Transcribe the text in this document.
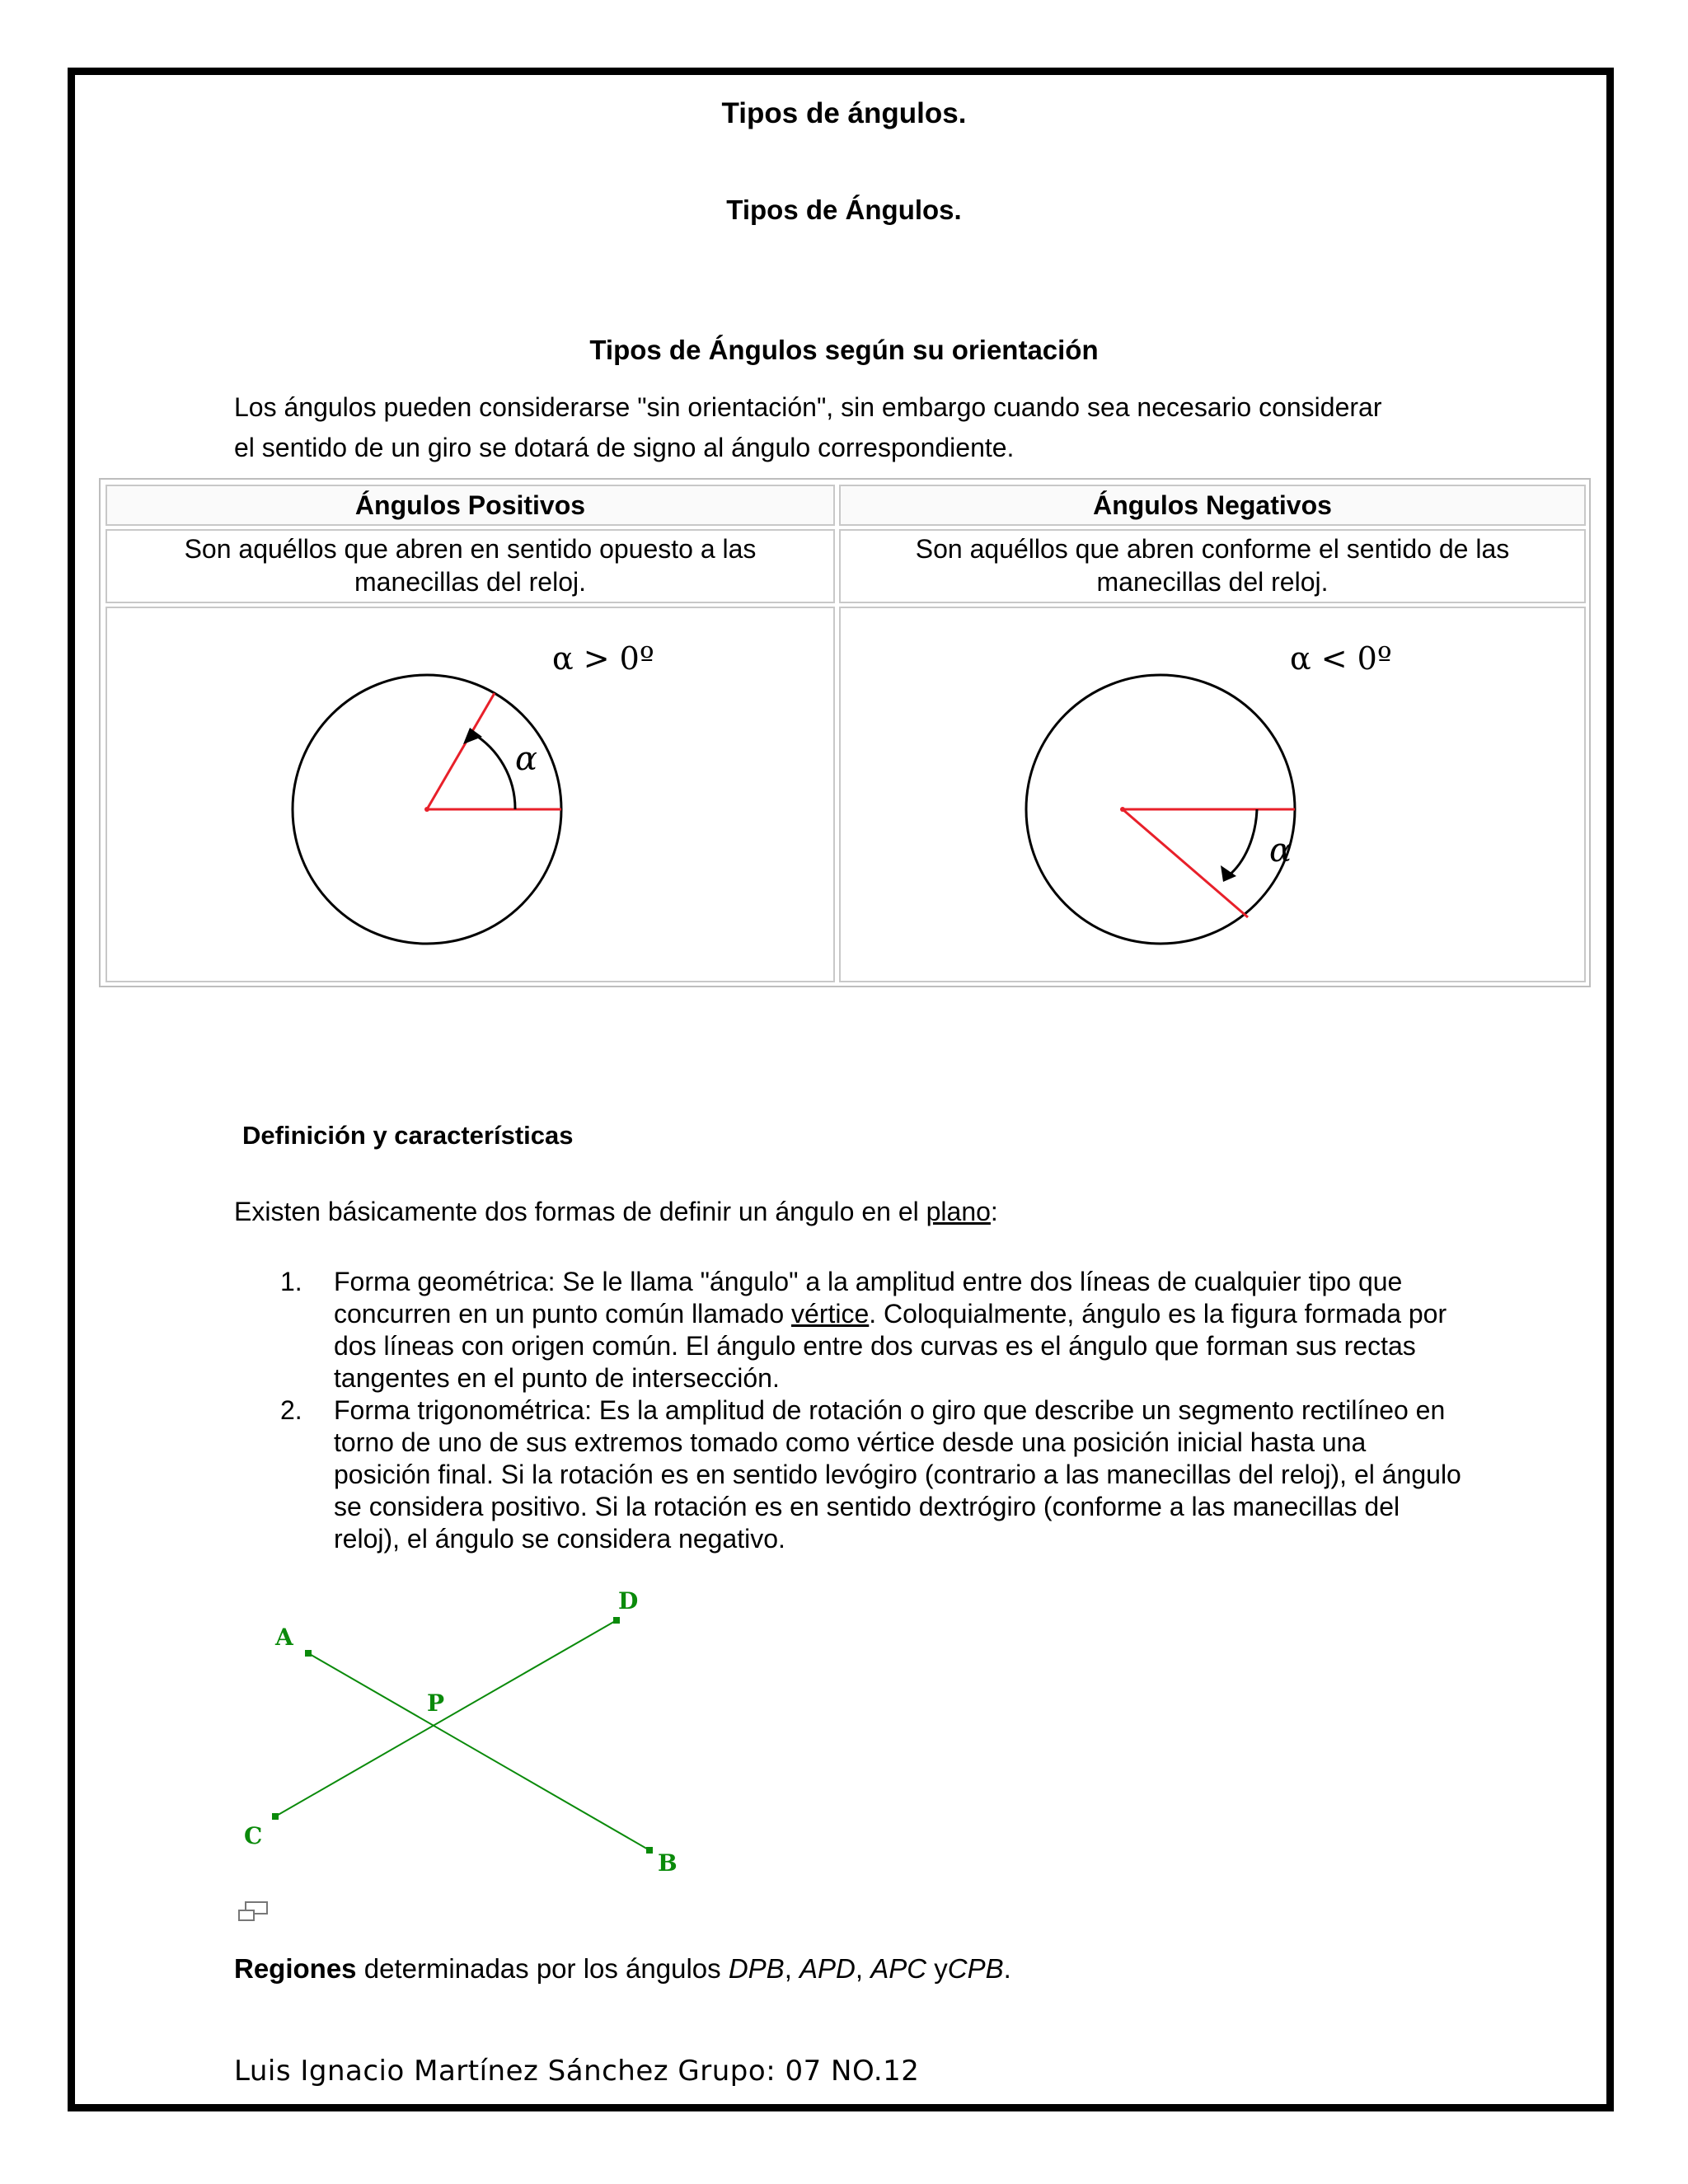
Tipos de ángulos.
Tipos de Ángulos.
Tipos de Ángulos según su orientación
Los ángulos pueden considerarse "sin orientación", sin embargo cuando sea necesario considerar
el sentido de un giro se dotará de signo al ángulo correspondiente.
Ángulos Positivos	Ángulos Negativos
Son aquéllos que abren en sentido opuesto a las manecillas del reloj.
Son aquéllos que abren conforme el sentido de las manecillas del reloj.
α
α > 0º
α
α < 0º
Definición y características
Existen básicamente dos formas de definir un ángulo en el plano:
1. Forma geométrica: Se le llama "ángulo" a la amplitud entre dos líneas de cualquier tipo que concurren en un punto común llamado vértice. Coloquialmente, ángulo es la figura formada por dos líneas con origen común. El ángulo entre dos curvas es el ángulo que forman sus rectas tangentes en el punto de intersección.
2. Forma trigonométrica: Es la amplitud de rotación o giro que describe un segmento rectilíneo en torno de uno de sus extremos tomado como vértice desde una posición inicial hasta una posición final. Si la rotación es en sentido levógiro (contrario a las manecillas del reloj), el ángulo se considera positivo. Si la rotación es en sentido dextrógiro (conforme a las manecillas del reloj), el ángulo se considera negativo.
A
B
C
D
P
Regiones determinadas por los ángulos DPB, APD, APC yCPB.
Luis Ignacio Martínez Sánchez Grupo: 07 NO.12
